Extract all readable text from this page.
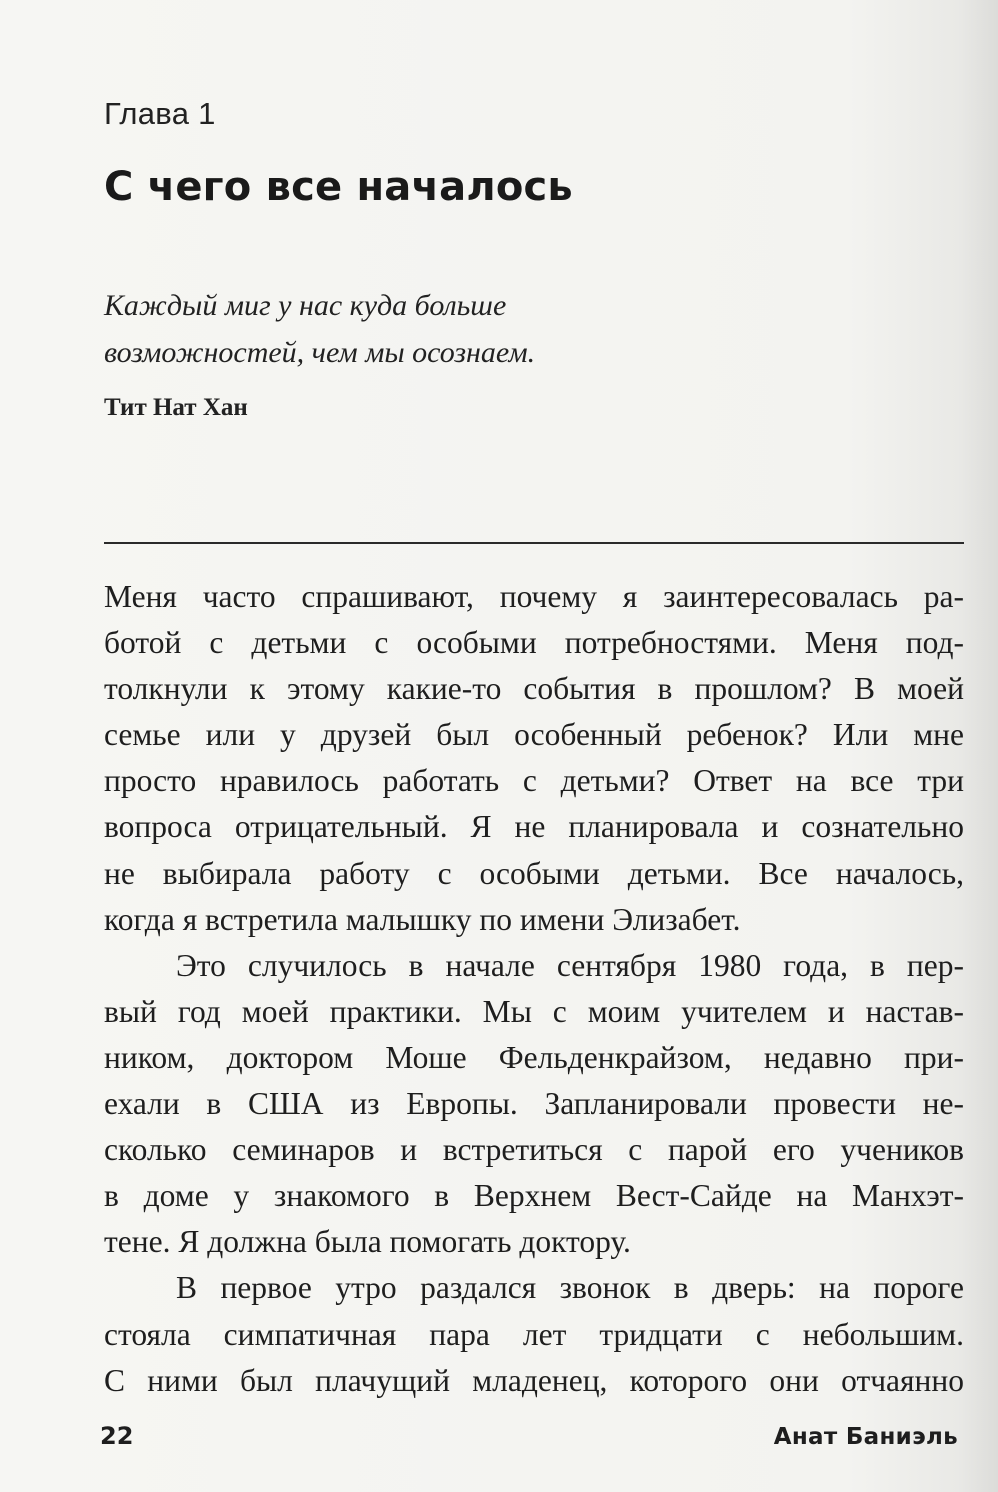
Глава 1
С чего все началось
Каждый миг у нас куда больше
возможностей, чем мы осознаем.
Тит Нат Хан
Меня часто спрашивают, почему я заинтересовалась ра-
ботой с детьми с особыми потребностями. Меня под-
толкнули к этому какие-то события в прошлом? В моей
семье или у друзей был особенный ребенок? Или мне
просто нравилось работать с детьми? Ответ на все три
вопроса отрицательный. Я не планировала и сознательно
не выбирала работу с особыми детьми. Все началось,
когда я встретила малышку по имени Элизабет.
Это случилось в начале сентября 1980 года, в пер-
вый год моей практики. Мы с моим учителем и настав-
ником, доктором Моше Фельденкрайзом, недавно при-
ехали в США из Европы. Запланировали провести не-
сколько семинаров и встретиться с парой его учеников
в доме у знакомого в Верхнем Вест-Сайде на Манхэт-
тене. Я должна была помогать доктору.
В первое утро раздался звонок в дверь: на пороге
стояла симпатичная пара лет тридцати с небольшим.
С ними был плачущий младенец, которого они отчаянно
22	Анат Баниэль
